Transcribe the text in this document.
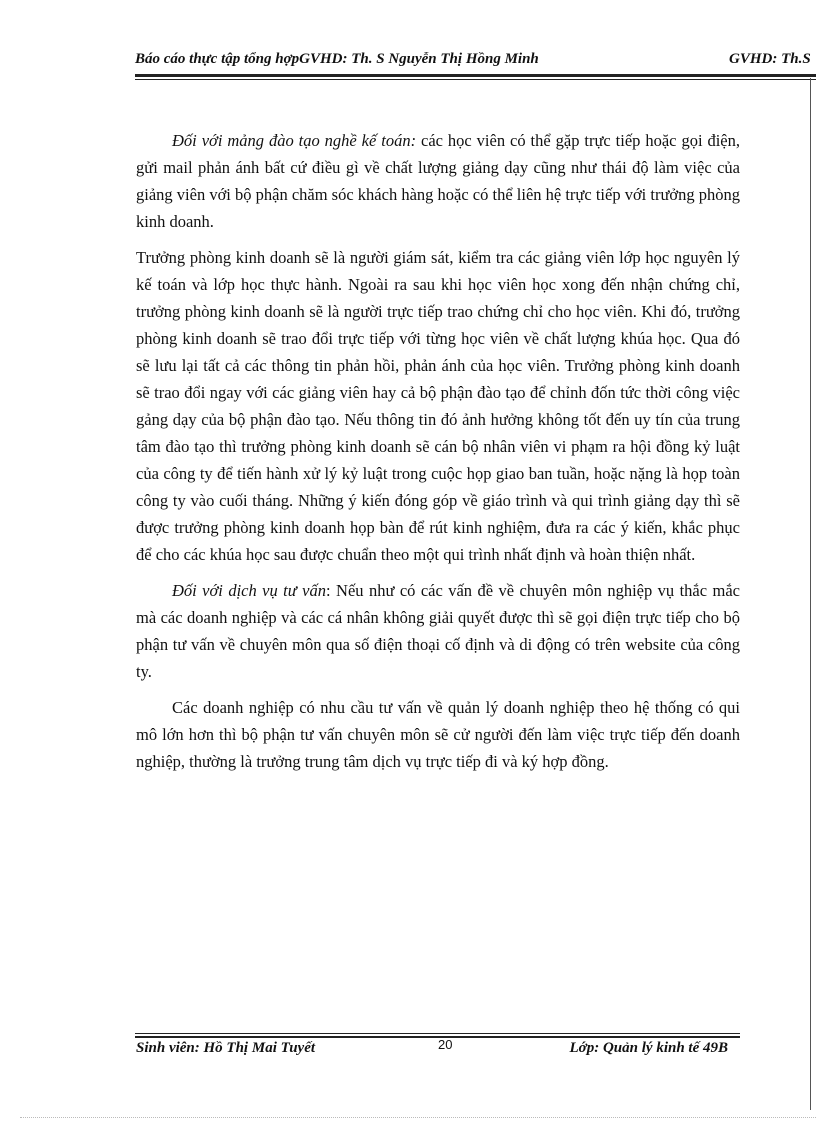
Báo cáo thực tập tổng hợpGVHD: Th. S Nguyễn Thị Hồng Minh	GVHD: Th.S

Đối với mảng đào tạo nghề kế toán: các học viên có thể gặp trực tiếp hoặc gọi điện, gửi mail phản ánh bất cứ điều gì về chất lượng giảng dạy cũng như thái độ làm việc của giảng viên với bộ phận chăm sóc khách hàng hoặc có thể liên hệ trực tiếp với trưởng phòng kinh doanh.

Trưởng phòng kinh doanh sẽ là người giám sát, kiểm tra các giảng viên lớp học nguyên lý kế toán và lớp học thực hành. Ngoài ra sau khi học viên học xong đến nhận chứng chỉ, trưởng phòng kinh doanh sẽ là người trực tiếp trao chứng chỉ cho học viên. Khi đó, trưởng phòng kinh doanh sẽ trao đổi trực tiếp với từng học viên về chất lượng khúa học. Qua đó sẽ lưu lại tất cả các thông tin phản hồi, phản ánh của học viên. Trưởng phòng kinh doanh sẽ trao đổi ngay với các giảng viên hay cả bộ phận đào tạo để chỉnh đốn tức thời công việc gảng dạy của bộ phận đào tạo. Nếu thông tin đó ảnh hưởng không tốt đến uy tín của trung tâm đào tạo thì trưởng phòng kinh doanh sẽ cán bộ nhân viên vi phạm ra hội đồng kỷ luật của công ty để tiến hành xử lý kỷ luật trong cuộc họp giao ban tuần, hoặc nặng là họp toàn công ty vào cuối tháng. Những ý kiến đóng góp về giáo trình và qui trình giảng dạy thì sẽ được trưởng phòng kinh doanh họp bàn để rút kinh nghiệm, đưa ra các ý kiến, khắc phục để cho các khúa học sau được chuẩn theo một qui trình nhất định và hoàn thiện nhất.

Đối với dịch vụ tư vấn: Nếu như có các vấn đề về chuyên môn nghiệp vụ thắc mắc mà các doanh nghiệp và các cá nhân không giải quyết được thì sẽ gọi điện trực tiếp cho bộ phận tư vấn về chuyên môn qua số điện thoại cố định và di động có trên website của công ty.

Các doanh nghiệp có nhu cầu tư vấn về quản lý doanh nghiệp theo hệ thống có qui mô lớn hơn thì bộ phận tư vấn chuyên môn sẽ cử người đến làm việc trực tiếp đến doanh nghiệp, thường là trưởng trung tâm dịch vụ trực tiếp đi và ký hợp đồng.

Sinh viên: Hồ Thị Mai Tuyết	20	Lớp: Quản lý kinh tế 49B
